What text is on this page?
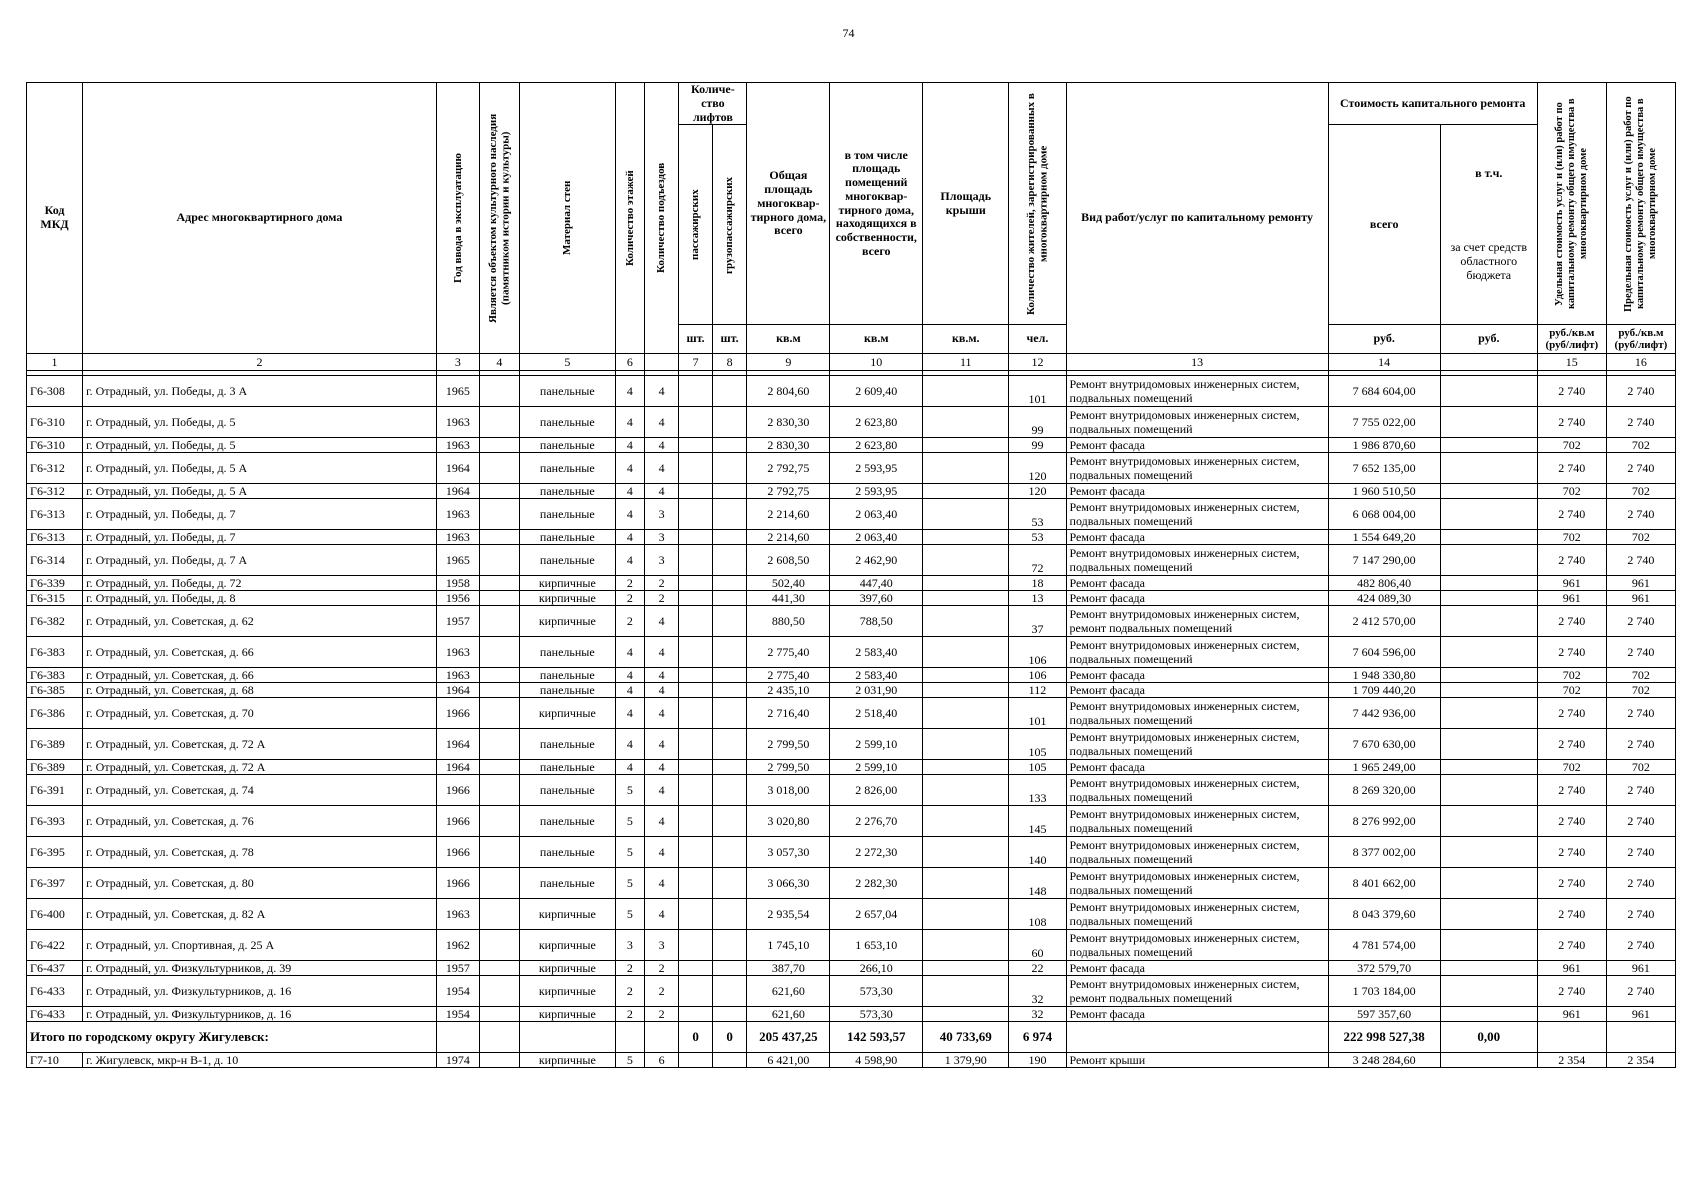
74
Код МКД	Адрес многоквартирного дома	Год ввода в эксплуатацию	Является объектом культурного наследия (памятником истории и культуры)	Материал стен	Количество этажей	Количество подъездов	Количе-ство лифтов		Общая площадь многоквар-тирного дома, всего	в том числе площадь помещений многоквар-тирного дома, находящихся в собственности, всего	Площадь крыши	Количество жителей, зарегистрированных в многоквартирном доме	Вид работ/услуг по капитальному ремонту	Стоимость капитального ремонта		Удельная стоимость услуг и (или) работ по капитальному ремонту общего имущества в многоквартирном доме	Предельная стоимость услуг и (или) работ по капитальному ремонту общего имущества в многоквартирном доме

							пассажирских	грузопассажирских						всего	в т.ч.
за счет средств областного бюджета		

							шт.	шт.	кв.м	кв.м	кв.м.	чел.		руб.	руб.	руб./кв.м (руб/лифт)	руб./кв.м (руб/лифт)
1	2	3	4	5	6		7	8	9	10	11	12	13	14		15	16

Г6-308	г. Отрадный, ул. Победы, д. 3 А	1965		панельные	4	4			2 804,60	2 609,40		101	Ремонт внутридомовых инженерных систем, подвальных помещений	7 684 604,00		2 740	2 740
Г6-310	г. Отрадный, ул. Победы, д. 5	1963		панельные	4	4			2 830,30	2 623,80		99	Ремонт внутридомовых инженерных систем, подвальных помещений	7 755 022,00		2 740	2 740
Г6-310	г. Отрадный, ул. Победы, д. 5	1963		панельные	4	4			2 830,30	2 623,80		99	Ремонт фасада	1 986 870,60		702	702
Г6-312	г. Отрадный, ул. Победы, д. 5 А	1964		панельные	4	4			2 792,75	2 593,95		120	Ремонт внутридомовых инженерных систем, подвальных помещений	7 652 135,00		2 740	2 740
Г6-312	г. Отрадный, ул. Победы, д. 5 А	1964		панельные	4	4			2 792,75	2 593,95		120	Ремонт фасада	1 960 510,50		702	702
Г6-313	г. Отрадный, ул. Победы, д. 7	1963		панельные	4	3			2 214,60	2 063,40		53	Ремонт внутридомовых инженерных систем, подвальных помещений	6 068 004,00		2 740	2 740
Г6-313	г. Отрадный, ул. Победы, д. 7	1963		панельные	4	3			2 214,60	2 063,40		53	Ремонт фасада	1 554 649,20		702	702
Г6-314	г. Отрадный, ул. Победы, д. 7 А	1965		панельные	4	3			2 608,50	2 462,90		72	Ремонт внутридомовых инженерных систем, подвальных помещений	7 147 290,00		2 740	2 740
Г6-339	г. Отрадный, ул. Победы, д. 72	1958		кирпичные	2	2			502,40	447,40		18	Ремонт фасада	482 806,40		961	961
Г6-315	г. Отрадный, ул. Победы, д. 8	1956		кирпичные	2	2			441,30	397,60		13	Ремонт фасада	424 089,30		961	961
Г6-382	г. Отрадный, ул. Советская, д. 62	1957		кирпичные	2	4			880,50	788,50		37	Ремонт внутридомовых инженерных систем, ремонт подвальных помещений	2 412 570,00		2 740	2 740
Г6-383	г. Отрадный, ул. Советская, д. 66	1963		панельные	4	4			2 775,40	2 583,40		106	Ремонт внутридомовых инженерных систем, подвальных помещений	7 604 596,00		2 740	2 740
Г6-383	г. Отрадный, ул. Советская, д. 66	1963		панельные	4	4			2 775,40	2 583,40		106	Ремонт фасада	1 948 330,80		702	702
Г6-385	г. Отрадный, ул. Советская, д. 68	1964		панельные	4	4			2 435,10	2 031,90		112	Ремонт фасада	1 709 440,20		702	702
Г6-386	г. Отрадный, ул. Советская, д. 70	1966		кирпичные	4	4			2 716,40	2 518,40		101	Ремонт внутридомовых инженерных систем, подвальных помещений	7 442 936,00		2 740	2 740
Г6-389	г. Отрадный, ул. Советская, д. 72 А	1964		панельные	4	4			2 799,50	2 599,10		105	Ремонт внутридомовых инженерных систем, подвальных помещений	7 670 630,00		2 740	2 740
Г6-389	г. Отрадный, ул. Советская, д. 72 А	1964		панельные	4	4			2 799,50	2 599,10		105	Ремонт фасада	1 965 249,00		702	702
Г6-391	г. Отрадный, ул. Советская, д. 74	1966		панельные	5	4			3 018,00	2 826,00		133	Ремонт внутридомовых инженерных систем, подвальных помещений	8 269 320,00		2 740	2 740
Г6-393	г. Отрадный, ул. Советская, д. 76	1966		панельные	5	4			3 020,80	2 276,70		145	Ремонт внутридомовых инженерных систем, подвальных помещений	8 276 992,00		2 740	2 740
Г6-395	г. Отрадный, ул. Советская, д. 78	1966		панельные	5	4			3 057,30	2 272,30		140	Ремонт внутридомовых инженерных систем, подвальных помещений	8 377 002,00		2 740	2 740
Г6-397	г. Отрадный, ул. Советская, д. 80	1966		панельные	5	4			3 066,30	2 282,30		148	Ремонт внутридомовых инженерных систем, подвальных помещений	8 401 662,00		2 740	2 740
Г6-400	г. Отрадный, ул. Советская, д. 82 А	1963		кирпичные	5	4			2 935,54	2 657,04		108	Ремонт внутридомовых инженерных систем, подвальных помещений	8 043 379,60		2 740	2 740
Г6-422	г. Отрадный, ул. Спортивная, д. 25 А	1962		кирпичные	3	3			1 745,10	1 653,10		60	Ремонт внутридомовых инженерных систем, подвальных помещений	4 781 574,00		2 740	2 740
Г6-437	г. Отрадный, ул. Физкультурников, д. 39	1957		кирпичные	2	2			387,70	266,10		22	Ремонт фасада	372 579,70		961	961
Г6-433	г. Отрадный, ул. Физкультурников, д. 16	1954		кирпичные	2	2			621,60	573,30		32	Ремонт внутридомовых инженерных систем, ремонт подвальных помещений	1 703 184,00		2 740	2 740
Г6-433	г. Отрадный, ул. Физкультурников, д. 16	1954		кирпичные	2	2			621,60	573,30		32	Ремонт фасада	597 357,60		961	961
Итого по городскому округу Жигулевск:							0	0	205 437,25	142 593,57	40 733,69	6 974		222 998 527,38	0,00		
Г7-10	г. Жигулевск, мкр-н В-1, д. 10	1974		кирпичные	5	6			6 421,00	4 598,90	1 379,90	190	Ремонт крыши	3 248 284,60		2 354	2 354
